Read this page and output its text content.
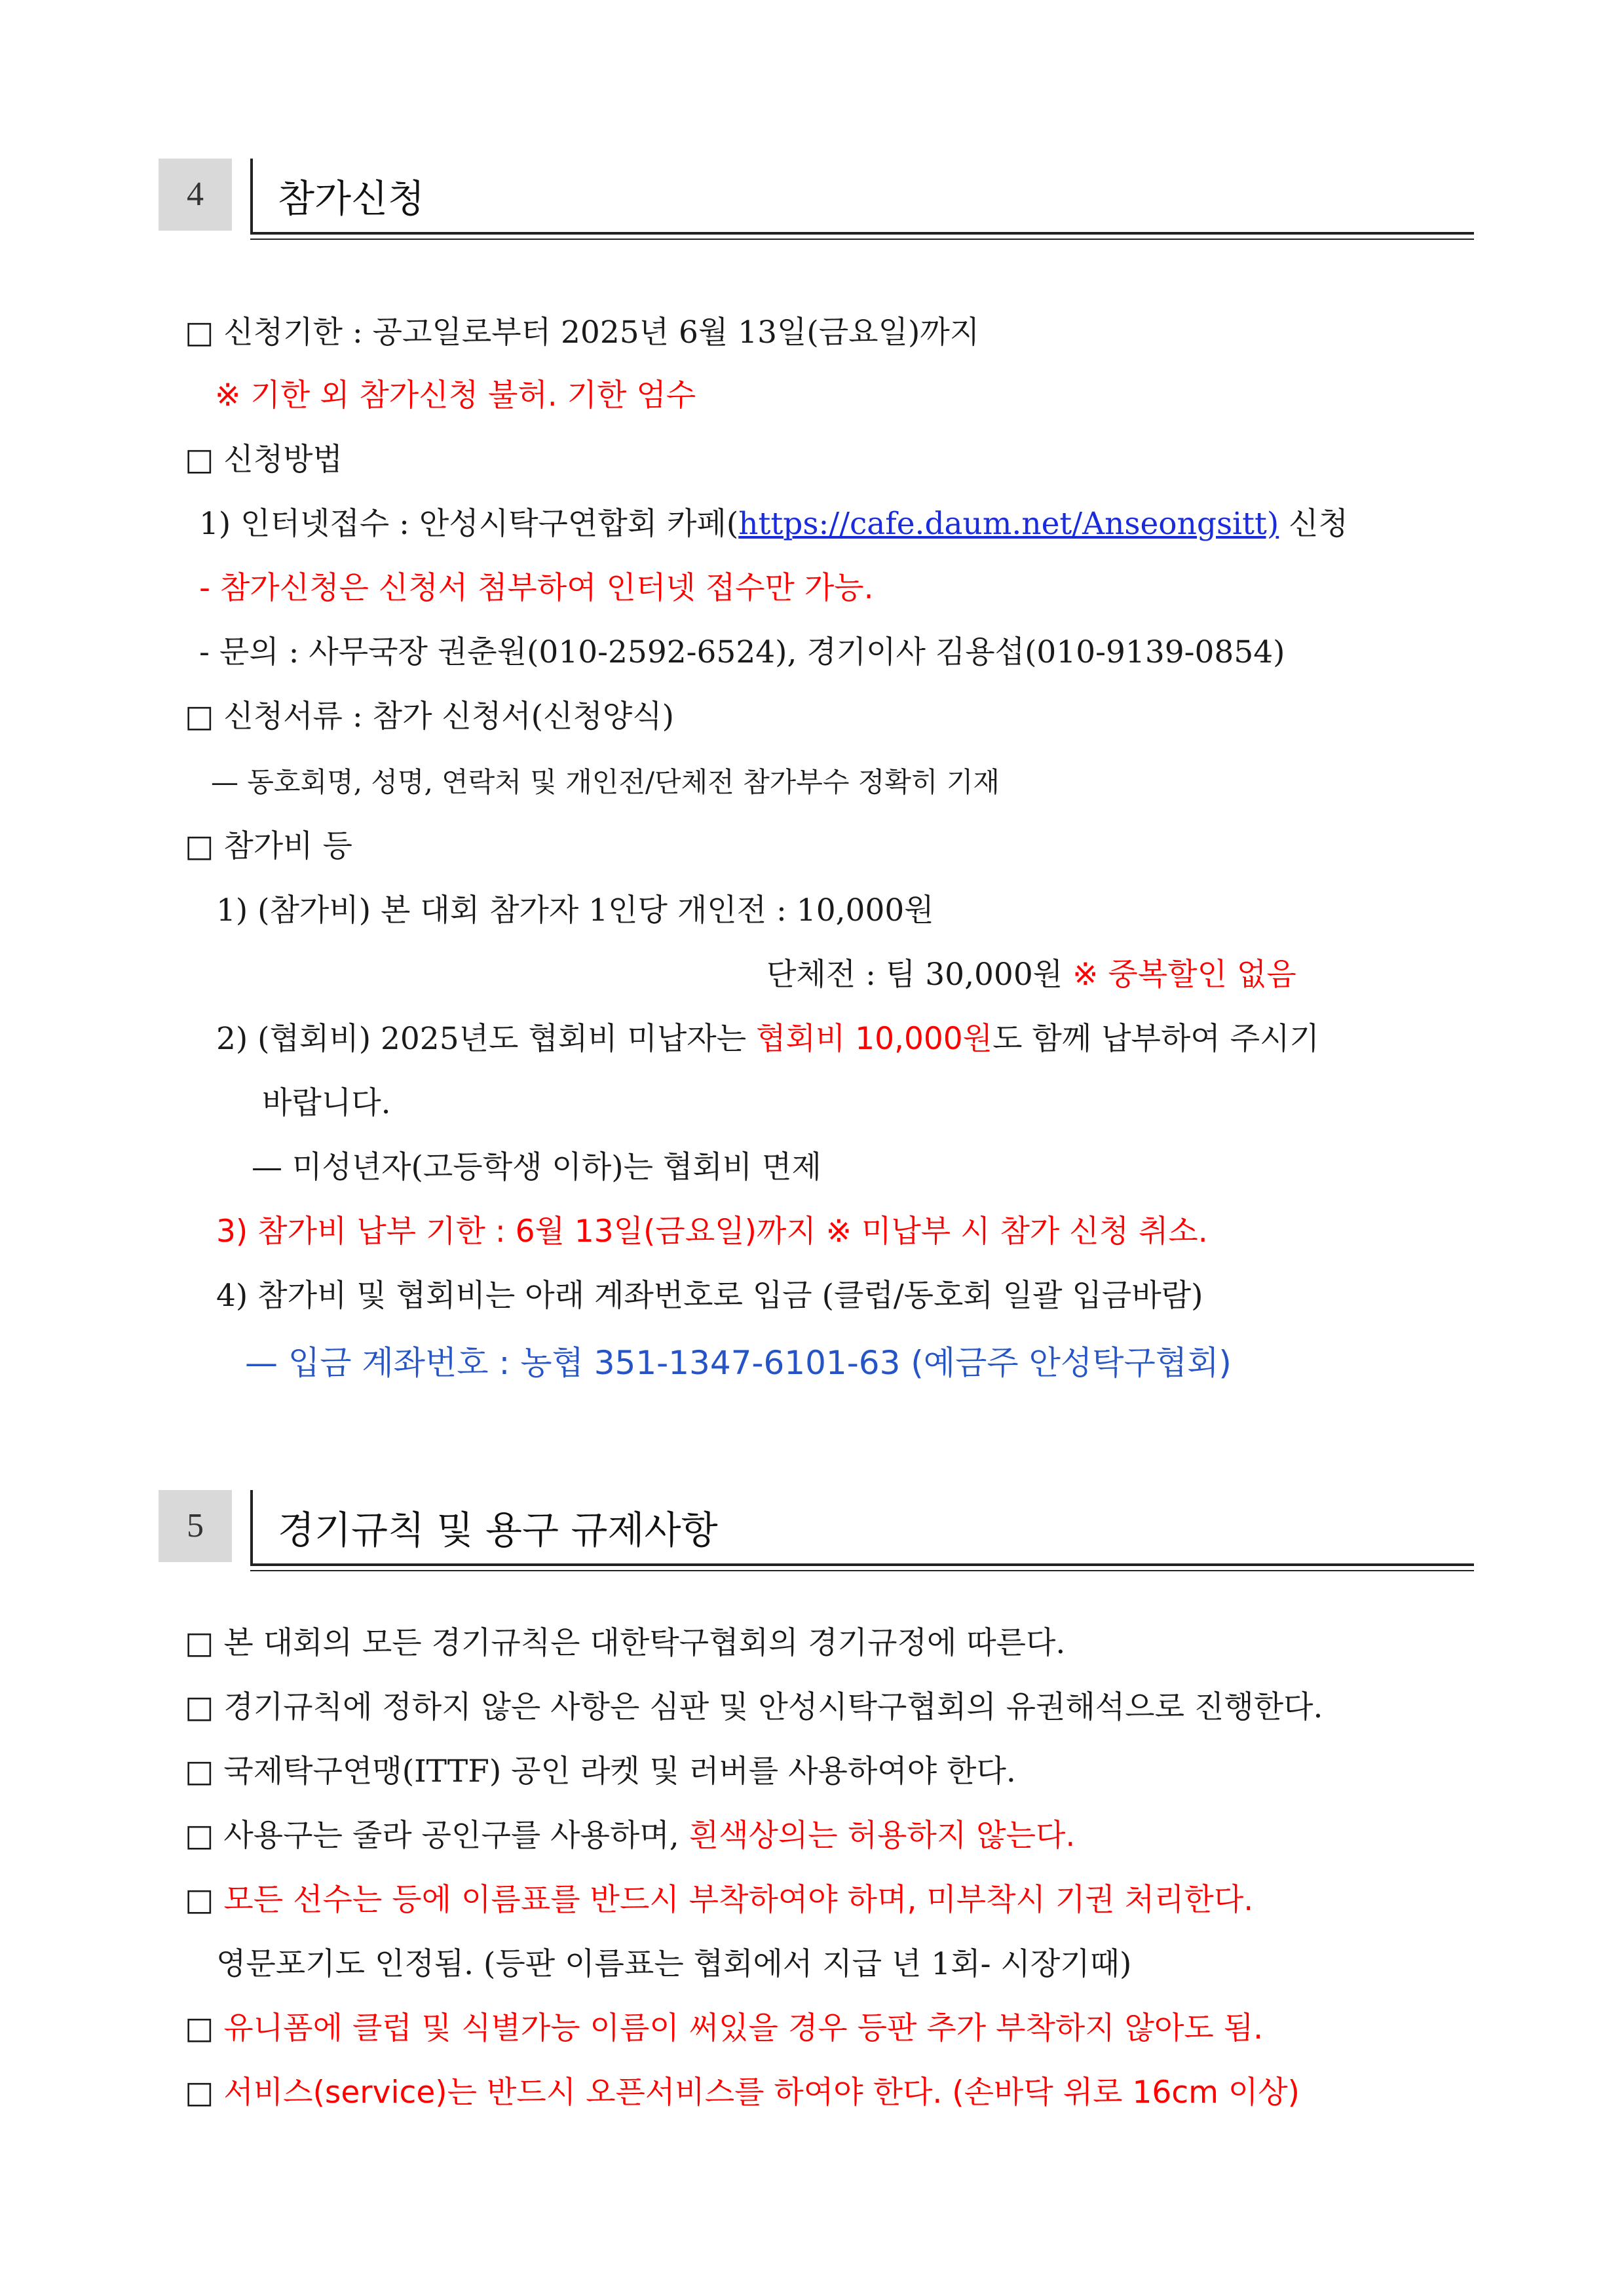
4	참가신청
□ 신청기한 : 공고일로부터 2025년 6월 13일(금요일)까지
※ 기한 외 참가신청 불허. 기한 엄수
□ 신청방법
1) 인터넷접수 : 안성시탁구연합회 카페(https://cafe.daum.net/Anseongsitt) 신청
- 참가신청은 신청서 첨부하여 인터넷 접수만 가능.
- 문의 : 사무국장 권춘원(010-2592-6524), 경기이사 김용섭(010-9139-0854)
□ 신청서류 : 참가 신청서(신청양식)
— 동호회명, 성명, 연락처 및 개인전/단체전 참가부수 정확히 기재
□ 참가비 등
1) (참가비) 본 대회 참가자 1인당 개인전 : 10,000원
단체전 : 팀 30,000원 ※ 중복할인 없음
2) (협회비) 2025년도 협회비 미납자는 협회비 10,000원도 함께 납부하여 주시기
바랍니다.
— 미성년자(고등학생 이하)는 협회비 면제
3) 참가비 납부 기한 : 6월 13일(금요일)까지 ※ 미납부 시 참가 신청 취소.
4) 참가비 및 협회비는 아래 계좌번호로 입금 (클럽/동호회 일괄 입금바람)
— 입금 계좌번호 : 농협 351-1347-6101-63 (예금주 안성탁구협회)
5	경기규칙 및 용구 규제사항
□ 본 대회의 모든 경기규칙은 대한탁구협회의 경기규정에 따른다.
□ 경기규칙에 정하지 않은 사항은 심판 및 안성시탁구협회의 유권해석으로 진행한다.
□ 국제탁구연맹(ITTF) 공인 라켓 및 러버를 사용하여야 한다.
□ 사용구는 줄라 공인구를 사용하며, 흰색상의는 허용하지 않는다.
□ 모든 선수는 등에 이름표를 반드시 부착하여야 하며, 미부착시 기권 처리한다.
영문포기도 인정됨. (등판 이름표는 협회에서 지급 년 1회- 시장기때)
□ 유니폼에 클럽 및 식별가능 이름이 써있을 경우 등판 추가 부착하지 않아도 됨.
□ 서비스(service)는 반드시 오픈서비스를 하여야 한다. (손바닥 위로 16cm 이상)
